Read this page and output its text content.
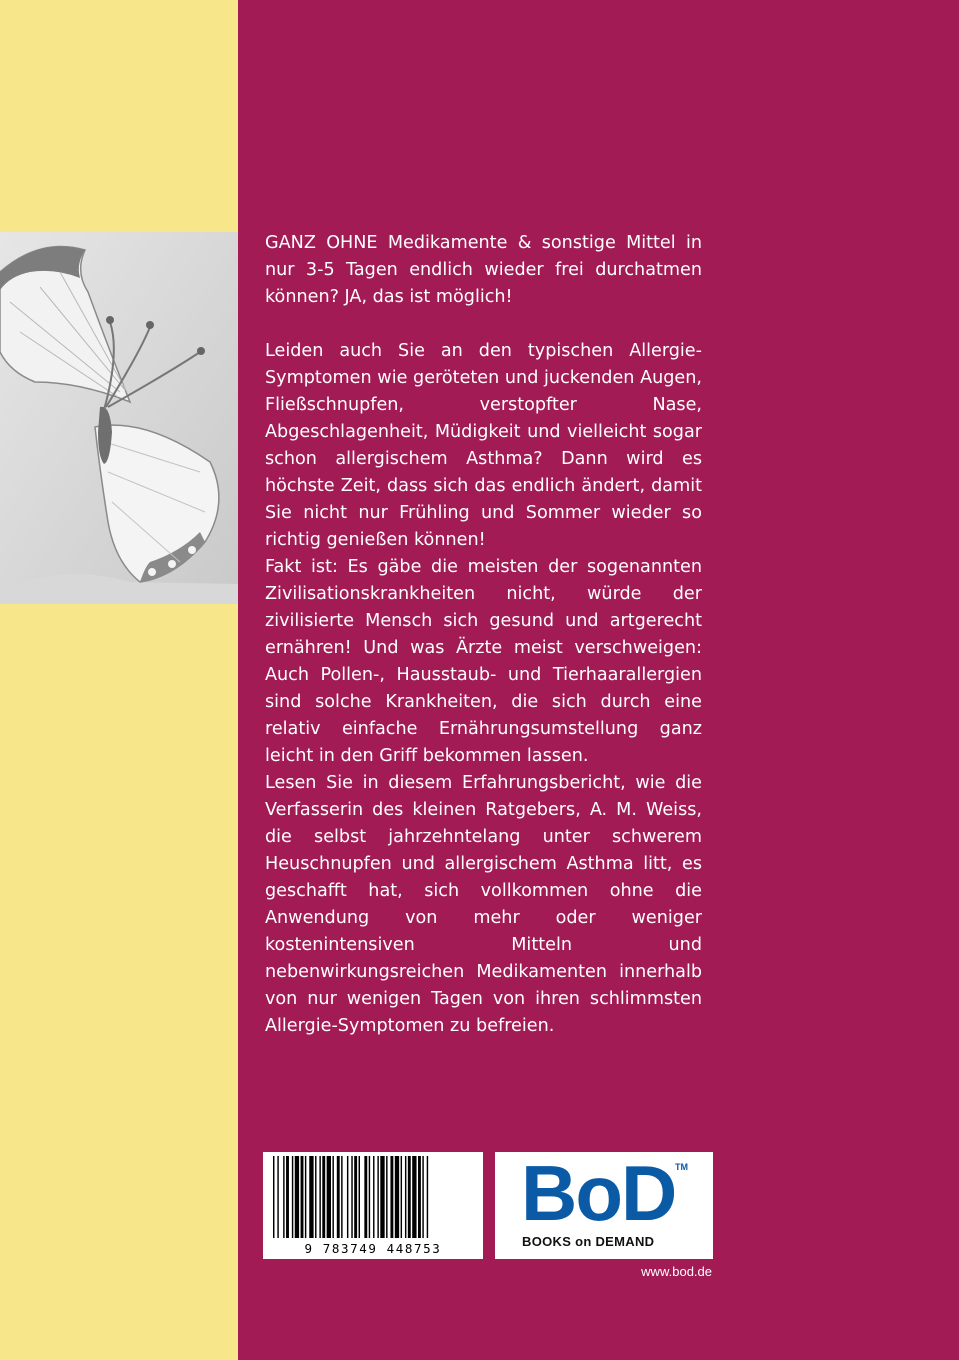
GANZ OHNE Medikamente & sonstige Mittel in nur 3-5 Tagen endlich wieder frei durchatmen können? JA, das ist möglich!

Leiden auch Sie an den typischen Allergie-Symptomen wie geröteten und juckenden Augen, Fließschnupfen, verstopfter Nase, Abgeschlagenheit, Müdigkeit und vielleicht sogar schon allergischem Asthma? Dann wird es höchste Zeit, dass sich das endlich ändert, damit Sie nicht nur Frühling und Sommer wieder so richtig genießen können!

Fakt ist: Es gäbe die meisten der sogenannten Zivilisationskrankheiten nicht, würde der zivilisierte Mensch sich gesund und artgerecht ernähren! Und was Ärzte meist verschweigen: Auch Pollen-, Hausstaub- und Tierhaarallergien sind solche Krankheiten, die sich durch eine relativ einfache Ernährungsumstellung ganz leicht in den Griff bekommen lassen.

Lesen Sie in diesem Erfahrungsbericht, wie die Verfasserin des kleinen Ratgebers, A. M. Weiss, die selbst jahrzehntelang unter schwerem Heuschnupfen und allergischem Asthma litt, es geschafft hat, sich vollkommen ohne die Anwendung von mehr oder weniger kostenintensiven Mitteln und nebenwirkungsreichen Medikamenten innerhalb von nur wenigen Tagen von ihren schlimmsten Allergie-Symptomen zu befreien.

9 783749 448753
BoD TM
BOOKS on DEMAND
www.bod.de
